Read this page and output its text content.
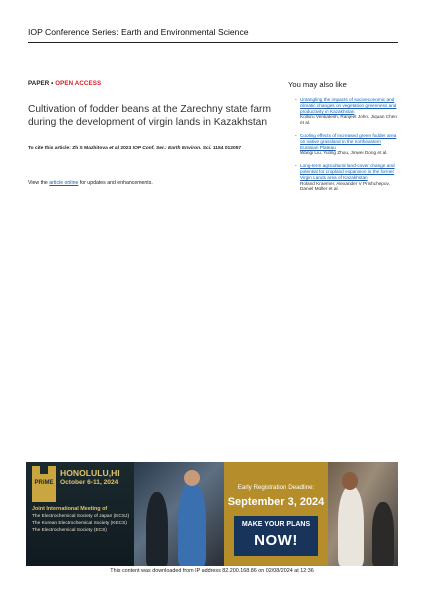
IOP Conference Series: Earth and Environmental Science
PAPER • OPEN ACCESS
Cultivation of fodder beans at the Zarechny state farm during the development of virgin lands in Kazakhstan
To cite this article: Zh S Mazhitova et al 2023 IOP Conf. Ser.: Earth Environ. Sci. 1154 012057
View the article online for updates and enhancements.
You may also like
- Untangling the impacts of socioeconomic and climatic changes on vegetation greenness and productivity in Kazakhstan
Kolluru Venkatesh, Ranjeet John, Jiquan Chen et al.
- Cooling effects of increased green fodder area on native grassland in the northeastern Eurasian Plateau
Wangi Liu, Yuling Zhou, Jinwei Dong et al.
- Long-term agricultural land-cover change and potential for cropland expansion in the former Virgin Lands area of Kazakhstan
Roland Kraemer, Alexander V Prishchepov, Daniel Müller et al.
PRiME
HONOLULU,HI
October 6-11, 2024
Joint International Meeting of
The Electrochemical Society of Japan (ECSJ)
The Korean Electrochemical Society (KECS)
The Electrochemical Society (ECS)
Early Registration Deadline:
September 3, 2024
MAKE YOUR PLANS
NOW!
This content was downloaded from IP address 82.200.168.86 on 02/08/2024 at 12:36
